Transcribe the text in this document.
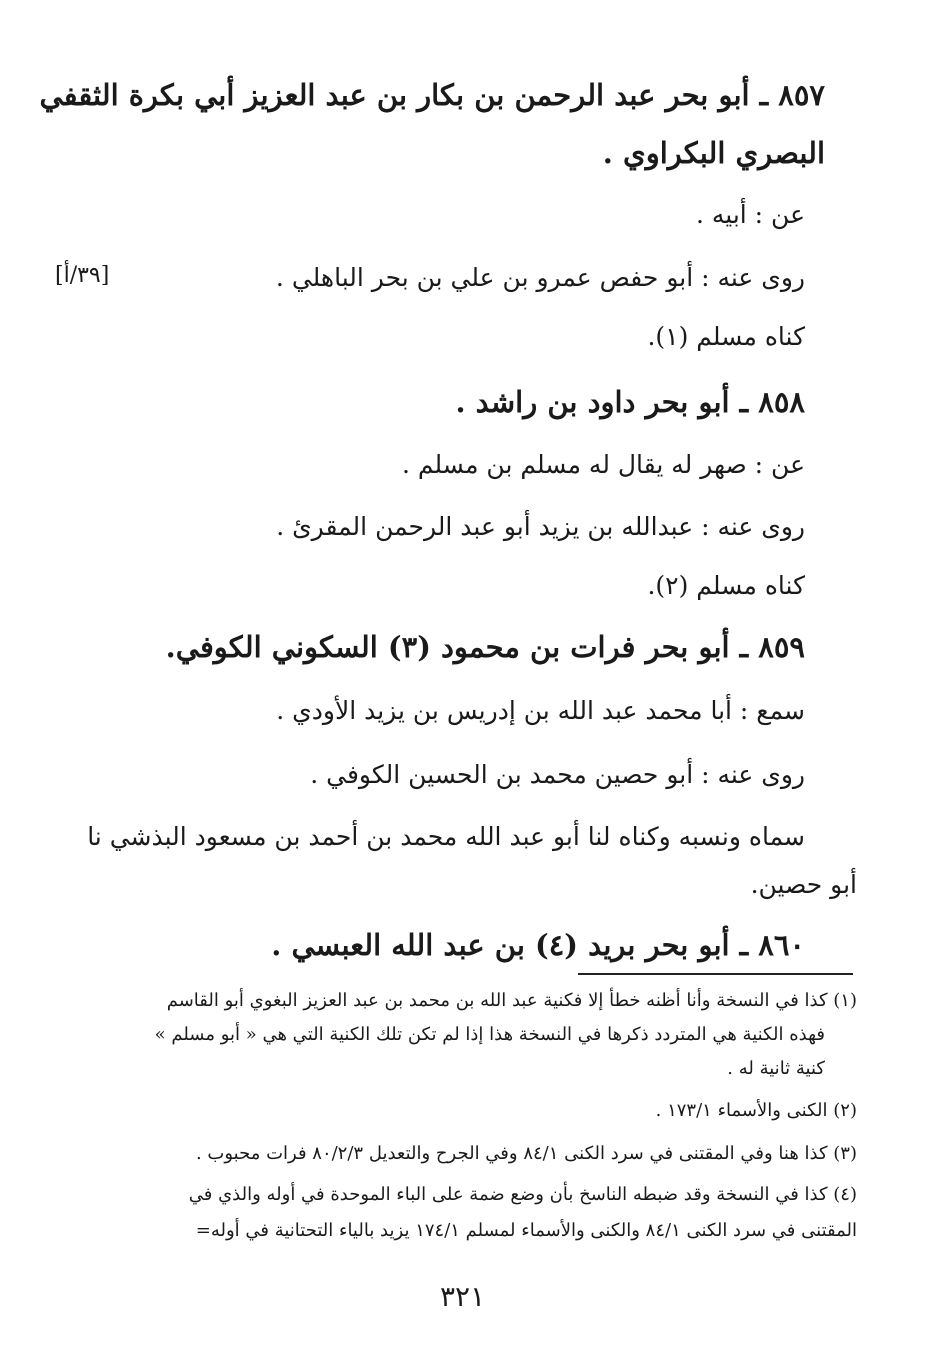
٨٥٧ ـ أبو بحر عبد الرحمن بن بكار بن عبد العزيز أبي بكرة الثقفي

البصري البكراوي .

عن : أبيه .

روى عنه : أبو حفص عمرو بن علي بن بحر الباهلي .

[٣٩/أ]

كناه مسلم (١).

٨٥٨ ـ أبو بحر داود بن راشد .

عن : صهر له يقال له مسلم بن مسلم .

روى عنه : عبدالله بن يزيد أبو عبد الرحمن المقرئ .

كناه مسلم (٢).

٨٥٩ ـ أبو بحر فرات بن محمود (٣) السكوني الكوفي.

سمع : أبا محمد عبد الله بن إدريس بن يزيد الأودي .

روى عنه : أبو حصين محمد بن الحسين الكوفي .

سماه ونسبه وكناه لنا أبو عبد الله محمد بن أحمد بن مسعود البذشي نا

أبو حصين.

٨٦٠ ـ أبو بحر بريد (٤) بن عبد الله العبسي .

(١) كذا في النسخة وأنا أظنه خطأ إلا فكنية عبد الله بن محمد بن عبد العزيز البغوي أبو القاسم

فهذه الكنية هي المتردد ذكرها في النسخة هذا إذا لم تكن تلك الكنية التي هي « أبو مسلم »

كنية ثانية له .

(٢) الكنى والأسماء ١٧٣/١ .

(٣) كذا هنا وفي المقتنى في سرد الكنى ٨٤/١ وفي الجرح والتعديل ٨٠/٢/٣ فرات محبوب .

(٤) كذا في النسخة وقد ضبطه الناسخ بأن وضع ضمة على الباء الموحدة في أوله والذي في

المقتنى في سرد الكنى ٨٤/١ والكنى والأسماء لمسلم ١٧٤/١ يزيد بالياء التحتانية في أوله=

٣٢١
